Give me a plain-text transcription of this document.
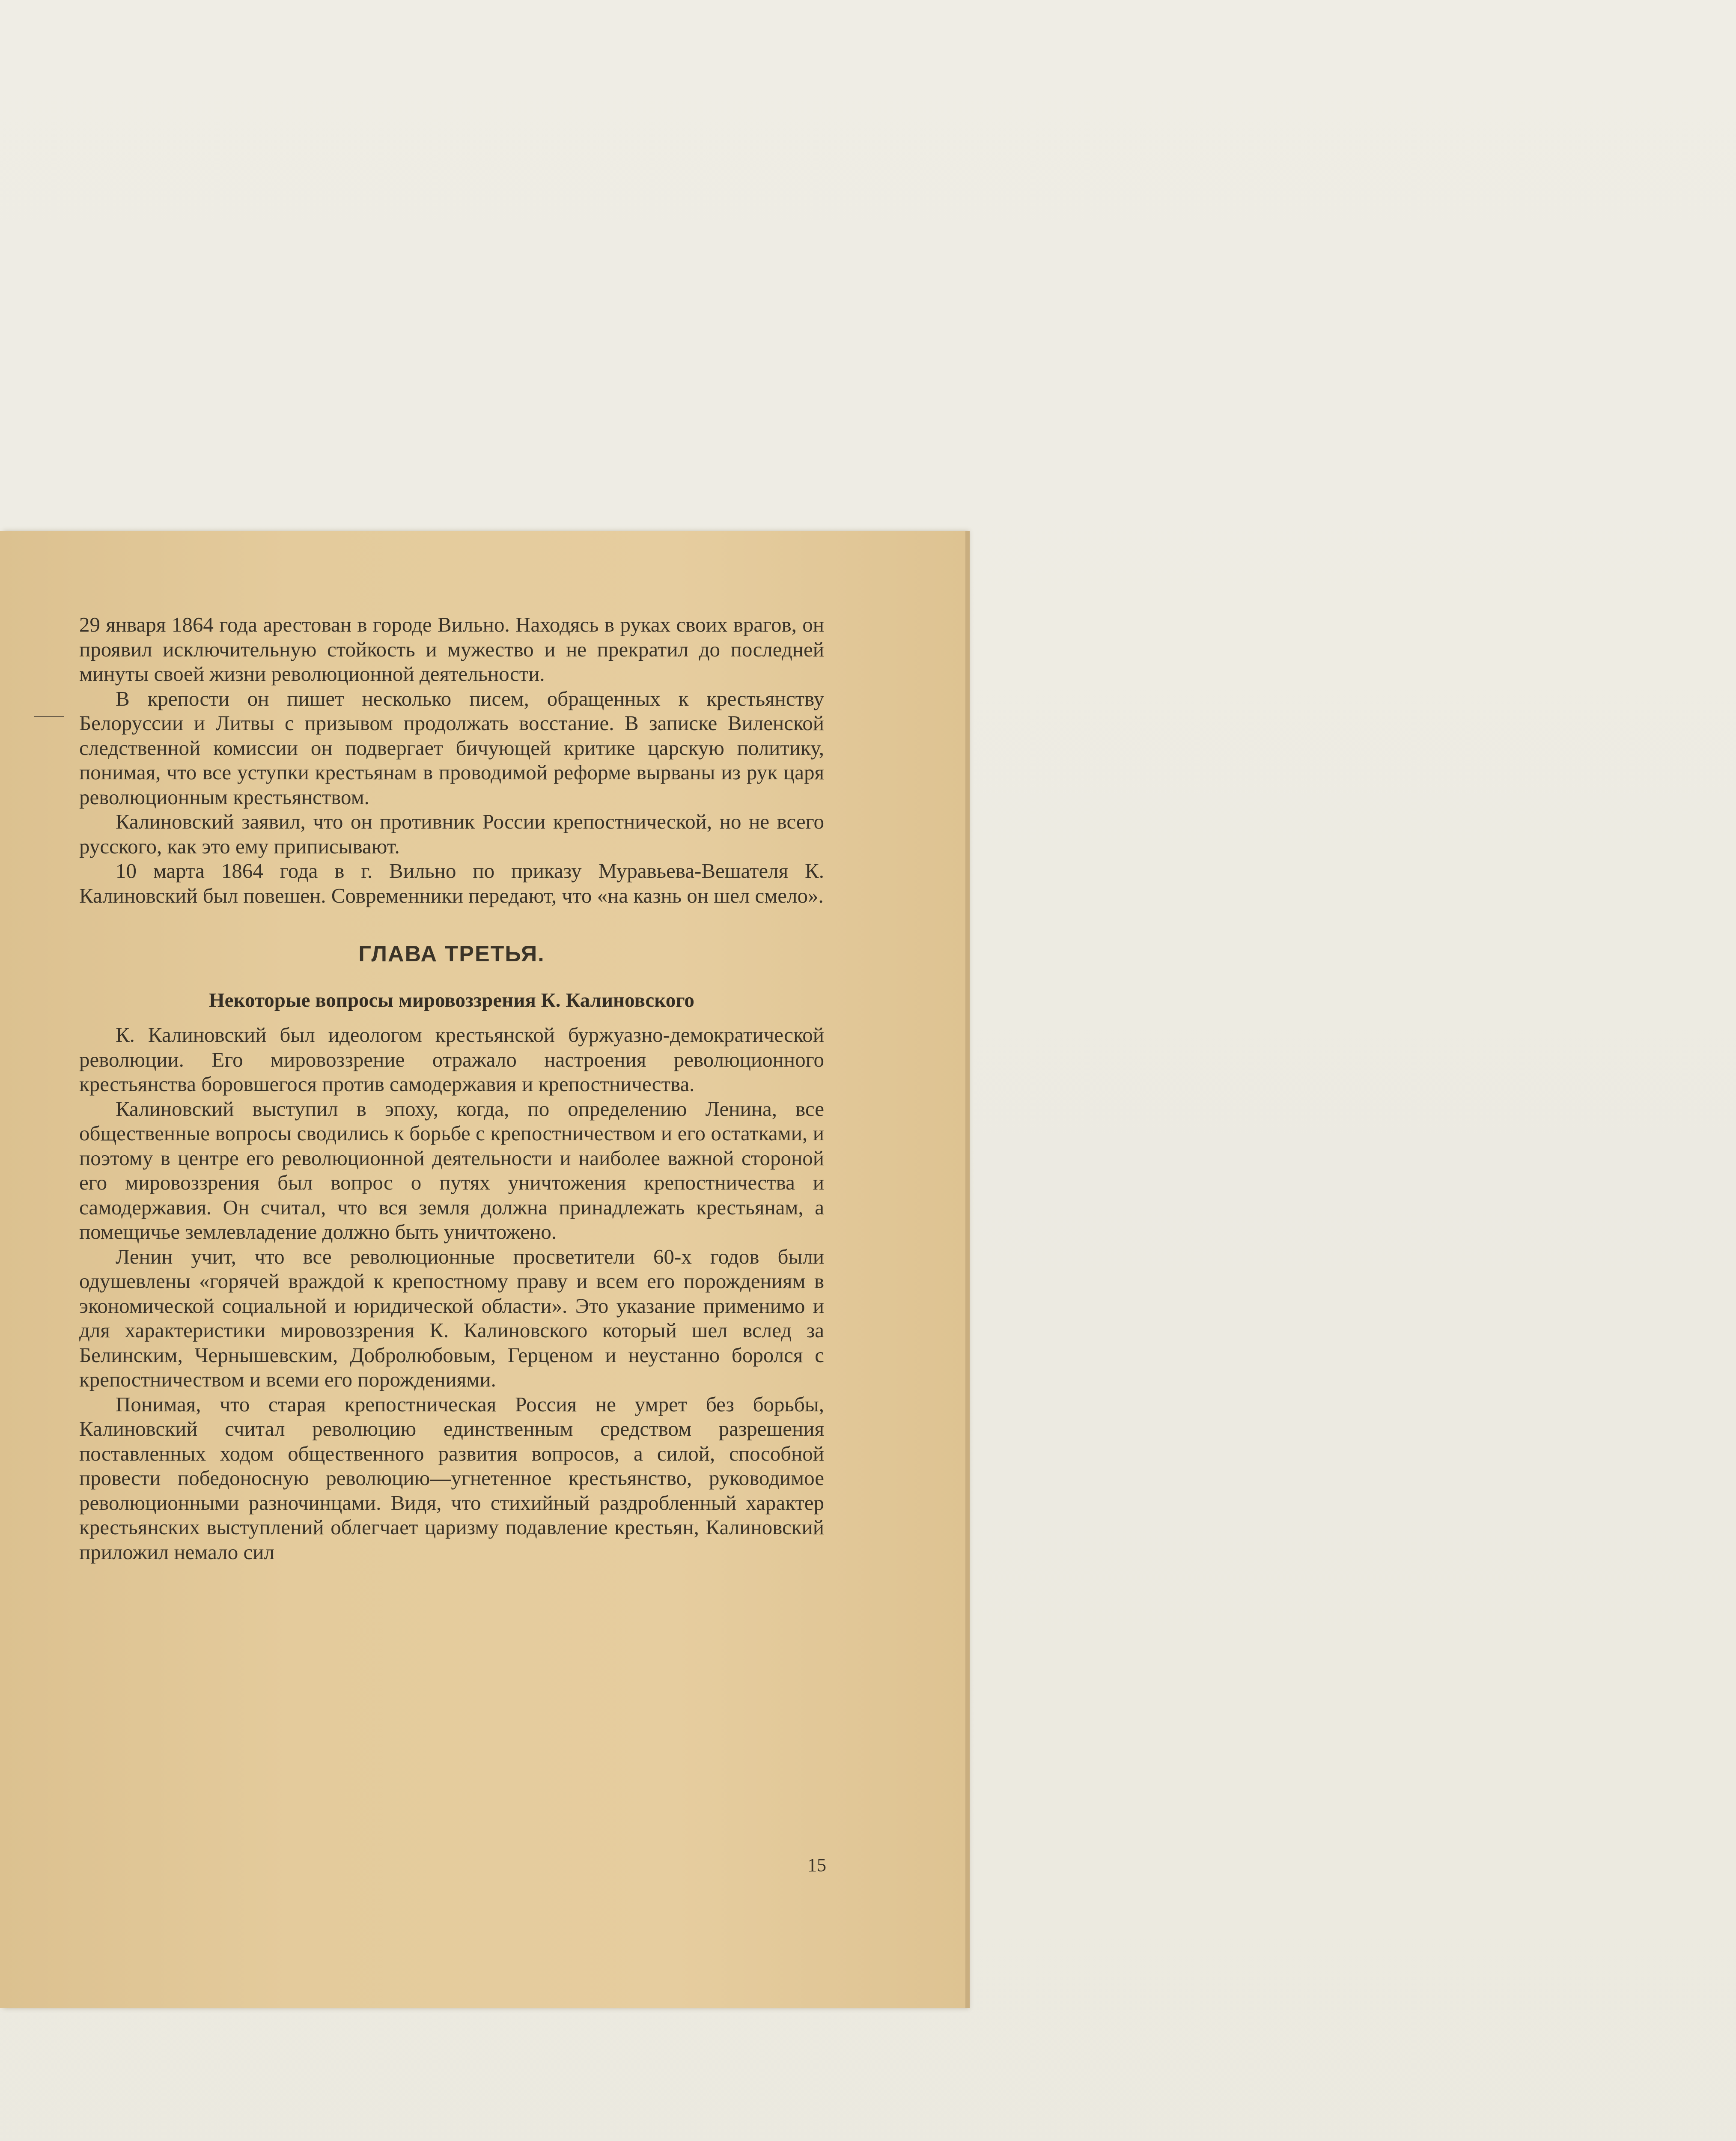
29 января 1864 года арестован в городе Вильно. Находясь в руках своих врагов, он проявил исключительную стойкость и мужество и не прекратил до последней минуты своей жизни революционной деятельности.

В крепости он пишет несколько писем, обращенных к крестьянству Белоруссии и Литвы с призывом продолжать восстание. В записке Виленской следственной комиссии он подвергает бичующей критике царскую политику, понимая, что все уступки крестьянам в проводимой реформе вырваны из рук царя революционным крестьянством.

Калиновский заявил, что он противник России крепостнической, но не всего русского, как это ему приписывают.

10 марта 1864 года в г. Вильно по приказу Муравьева-Вешателя К. Калиновский был повешен. Современники передают, что «на казнь он шел смело».

ГЛАВА ТРЕТЬЯ.
Некоторые вопросы мировоззрения К. Калиновского

К. Калиновский был идеологом крестьянской буржуазно-демократической революции. Его мировоззрение отражало настроения революционного крестьянства боровшегося против самодержавия и крепостничества.

Калиновский выступил в эпоху, когда, по определению Ленина, все общественные вопросы сводились к борьбе с крепостничеством и его остатками, и поэтому в центре его революционной деятельности и наиболее важной стороной его мировоззрения был вопрос о путях уничтожения крепостничества и самодержавия. Он считал, что вся земля должна принадлежать крестьянам, а помещичье землевладение должно быть уничтожено.

Ленин учит, что все революционные просветители 60-х годов были одушевлены «горячей враждой к крепостному праву и всем его порождениям в экономической социальной и юридической области». Это указание применимо и для характеристики мировоззрения К. Калиновского который шел вслед за Белинским, Чернышевским, Добролюбовым, Герценом и неустанно боролся с крепостничеством и всеми его порождениями.

Понимая, что старая крепостническая Россия не умрет без борьбы, Калиновский считал революцию единственным средством разрешения поставленных ходом общественного развития вопросов, а силой, способной провести победоносную революцию—угнетенное крестьянство, руководимое революционными разночинцами. Видя, что стихийный раздробленный характер крестьянских выступлений облегчает царизму подавление крестьян, Калиновский приложил немало сил

15
